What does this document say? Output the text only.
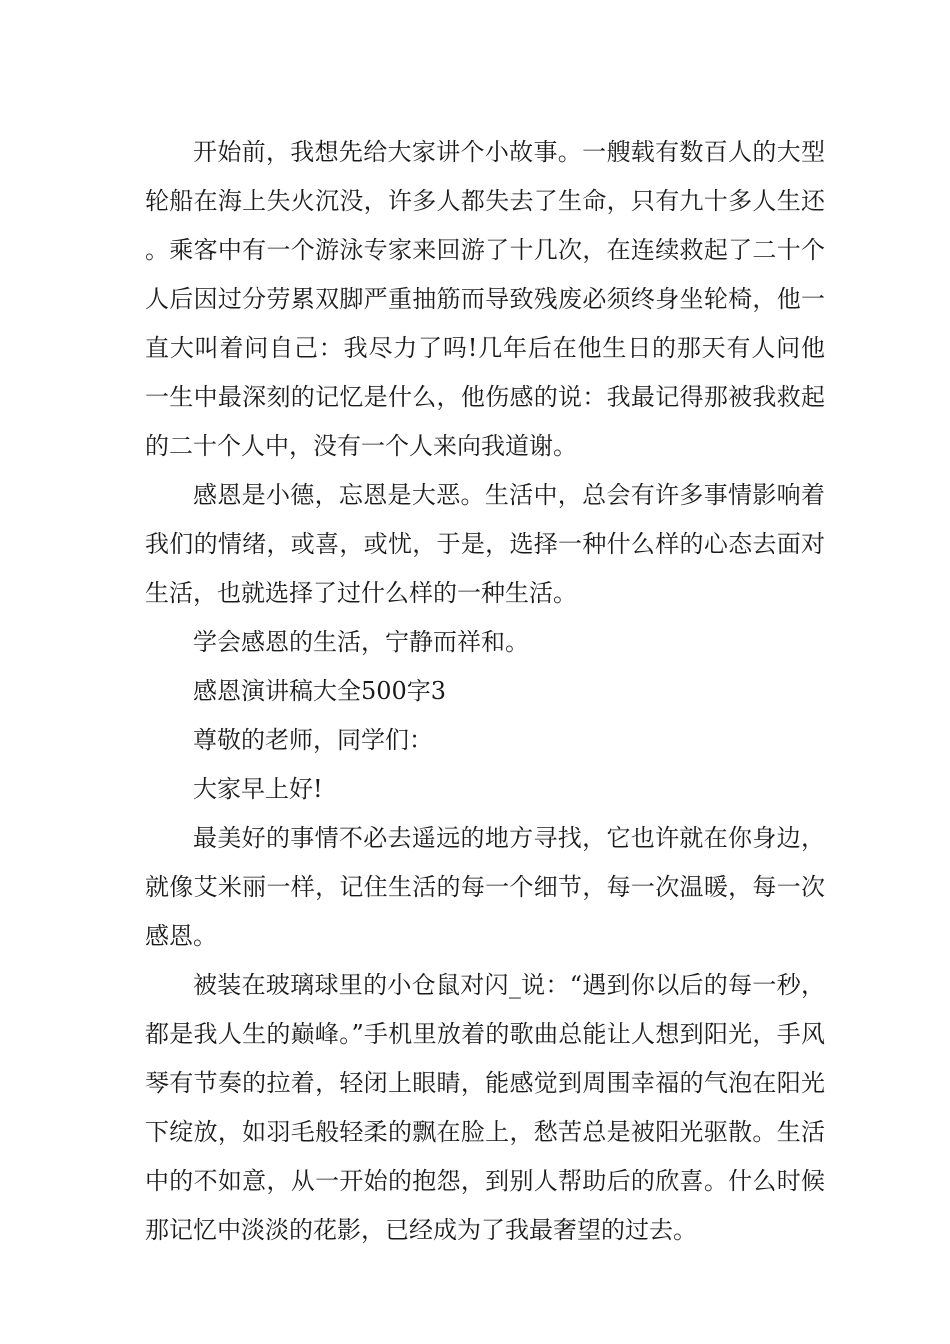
开始前，我想先给大家讲个小故事。一艘载有数百人的大型轮船在海上失火沉没，许多人都失去了生命，只有九十多人生还。乘客中有一个游泳专家来回游了十几次，在连续救起了二十个人后因过分劳累双脚严重抽筋而导致残废必须终身坐轮椅，他一直大叫着问自己：我尽力了吗!几年后在他生日的那天有人问他一生中最深刻的记忆是什么，他伤感的说：我最记得那被我救起的二十个人中，没有一个人来向我道谢。

感恩是小德，忘恩是大恶。生活中，总会有许多事情影响着我们的情绪，或喜，或忧，于是，选择一种什么样的心态去面对生活，也就选择了过什么样的一种生活。

学会感恩的生活，宁静而祥和。

感恩演讲稿大全500字3

尊敬的老师，同学们：

大家早上好!

最美好的事情不必去遥远的地方寻找，它也许就在你身边，就像艾米丽一样，记住生活的每一个细节，每一次温暖，每一次感恩。

被装在玻璃球里的小仓鼠对闪_说：“遇到你以后的每一秒，都是我人生的巅峰。”手机里放着的歌曲总能让人想到阳光，手风琴有节奏的拉着，轻闭上眼睛，能感觉到周围幸福的气泡在阳光下绽放，如羽毛般轻柔的飘在脸上，愁苦总是被阳光驱散。生活中的不如意，从一开始的抱怨，到别人帮助后的欣喜。什么时候那记忆中淡淡的花影，已经成为了我最奢望的过去。
